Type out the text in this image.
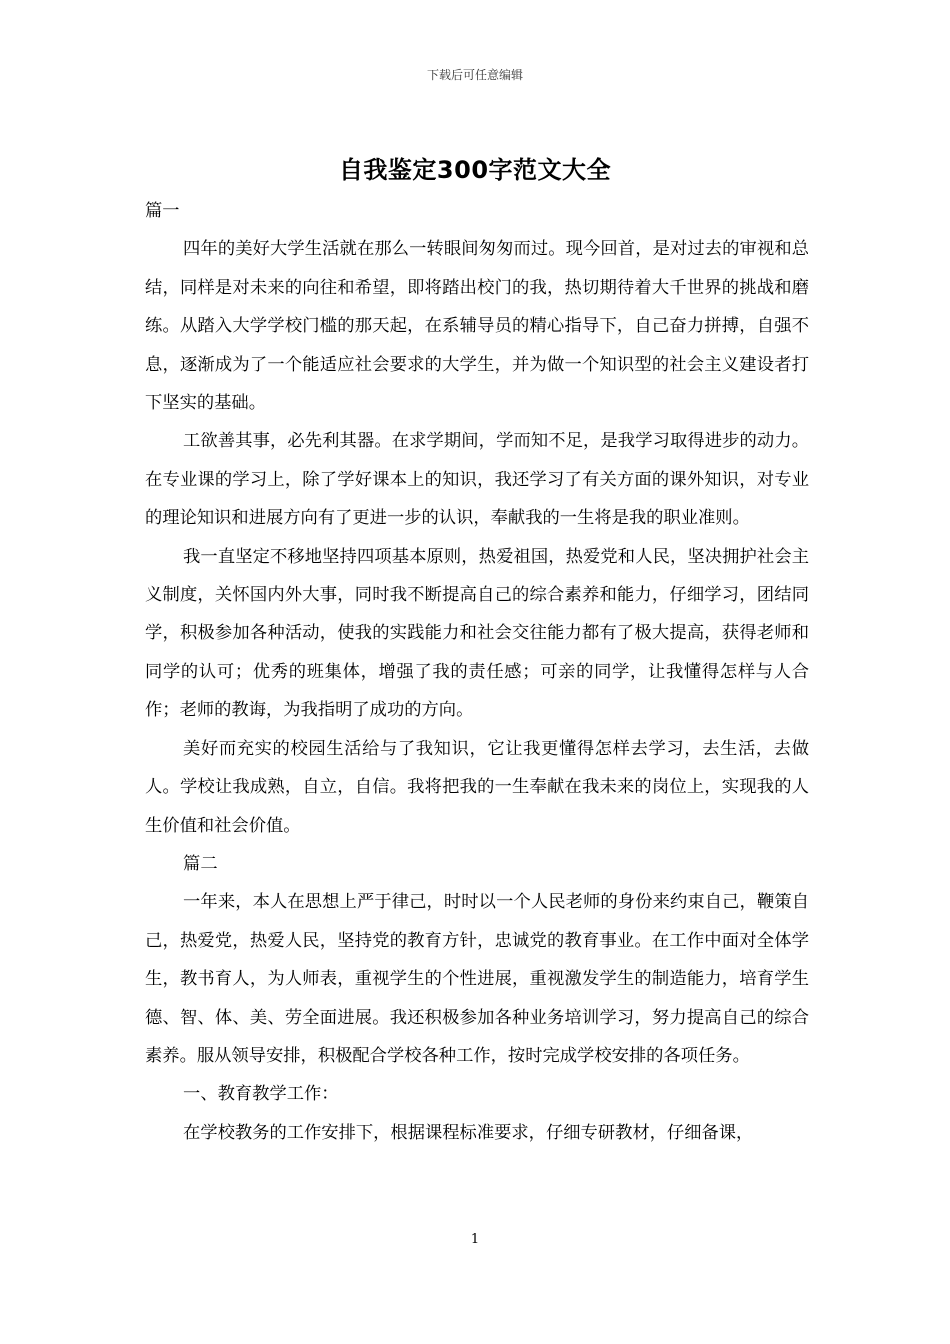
下载后可任意编辑
自我鉴定300字范文大全

篇一

四年的美好大学生活就在那么一转眼间匆匆而过。现今回首，是对过去的审视和总结，同样是对未来的向往和希望，即将踏出校门的我，热切期待着大千世界的挑战和磨练。从踏入大学学校门槛的那天起，在系辅导员的精心指导下，自己奋力拼搏，自强不息，逐渐成为了一个能适应社会要求的大学生，并为做一个知识型的社会主义建设者打下坚实的基础。

工欲善其事，必先利其器。在求学期间，学而知不足，是我学习取得进步的动力。在专业课的学习上，除了学好课本上的知识，我还学习了有关方面的课外知识，对专业的理论知识和进展方向有了更进一步的认识，奉献我的一生将是我的职业准则。

我一直坚定不移地坚持四项基本原则，热爱祖国，热爱党和人民，坚决拥护社会主义制度，关怀国内外大事，同时我不断提高自己的综合素养和能力，仔细学习，团结同学，积极参加各种活动，使我的实践能力和社会交往能力都有了极大提高，获得老师和同学的认可；优秀的班集体，增强了我的责任感；可亲的同学，让我懂得怎样与人合作；老师的教诲，为我指明了成功的方向。

美好而充实的校园生活给与了我知识，它让我更懂得怎样去学习，去生活，去做人。学校让我成熟，自立，自信。我将把我的一生奉献在我未来的岗位上，实现我的人生价值和社会价值。

篇二

一年来，本人在思想上严于律己，时时以一个人民老师的身份来约束自己，鞭策自己，热爱党，热爱人民，坚持党的教育方针，忠诚党的教育事业。在工作中面对全体学生，教书育人，为人师表，重视学生的个性进展，重视激发学生的制造能力，培育学生德、智、体、美、劳全面进展。我还积极参加各种业务培训学习，努力提高自己的综合素养。服从领导安排，积极配合学校各种工作，按时完成学校安排的各项任务。

一、教育教学工作：

在学校教务的工作安排下，根据课程标准要求，仔细专研教材，仔细备课，

1
